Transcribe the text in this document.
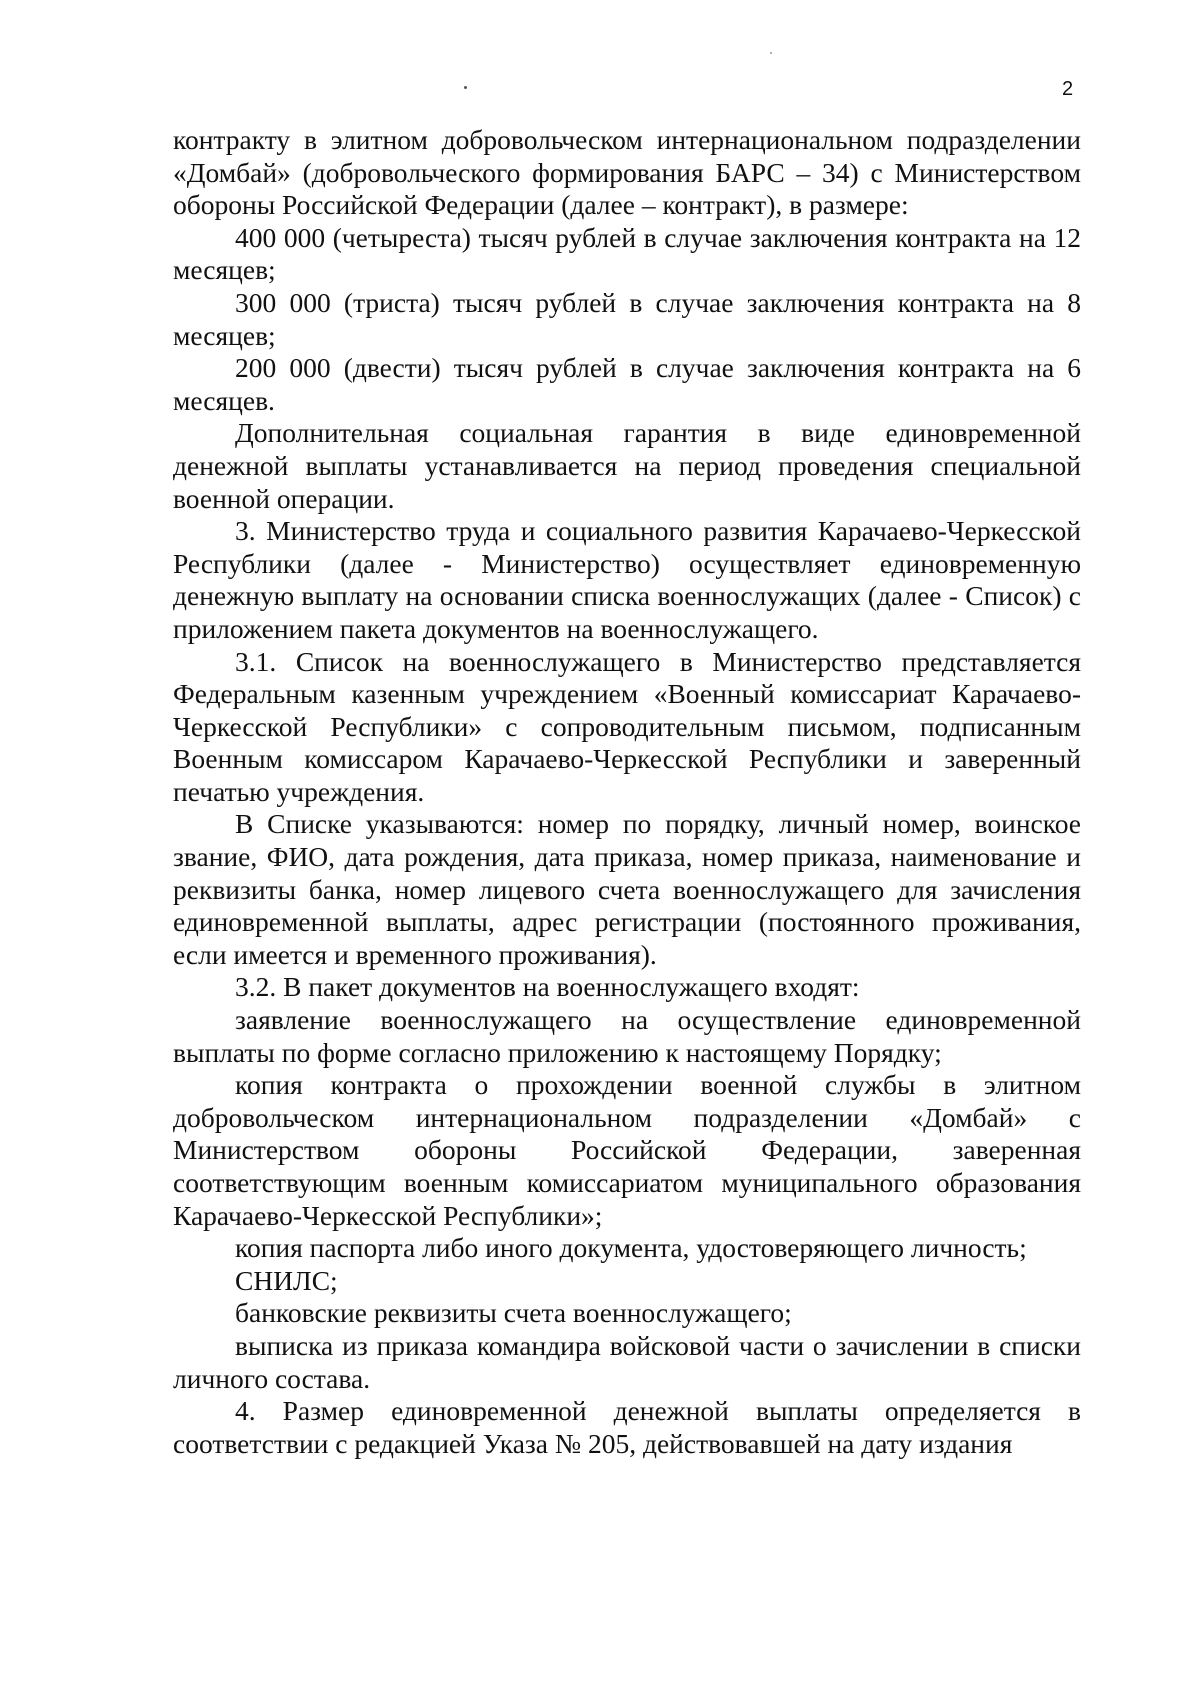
2

контракту в элитном добровольческом интернациональном подразделении «Домбай» (добровольческого формирования БАРС – 34) с Министерством обороны Российской Федерации (далее – контракт), в размере:

400 000 (четыреста) тысяч рублей в случае заключения контракта на 12 месяцев;

300 000 (триста) тысяч рублей в случае заключения контракта на 8 месяцев;

200 000 (двести) тысяч рублей в случае заключения контракта на 6 месяцев.

Дополнительная социальная гарантия в виде единовременной денежной выплаты устанавливается на период проведения специальной военной операции.

3. Министерство труда и социального развития Карачаево-Черкесской Республики (далее - Министерство) осуществляет единовременную денежную выплату на основании списка военнослужащих (далее - Список) с приложением пакета документов на военнослужащего.

3.1. Список на военнослужащего в Министерство представляется Федеральным казенным учреждением «Военный комиссариат Карачаево-Черкесской Республики» с сопроводительным письмом, подписанным Военным комиссаром Карачаево-Черкесской Республики и заверенный печатью учреждения.

В Списке указываются: номер по порядку, личный номер, воинское звание, ФИО, дата рождения, дата приказа, номер приказа, наименование и реквизиты банка, номер лицевого счета военнослужащего для зачисления единовременной выплаты, адрес регистрации (постоянного проживания, если имеется и временного проживания).

3.2. В пакет документов на военнослужащего входят:

заявление военнослужащего на осуществление единовременной выплаты по форме согласно приложению к настоящему Порядку;

копия контракта о прохождении военной службы в элитном добровольческом интернациональном подразделении «Домбай» с Министерством обороны Российской Федерации, заверенная соответствующим военным комиссариатом муниципального образования Карачаево-Черкесской Республики»;

копия паспорта либо иного документа, удостоверяющего личность;

СНИЛС;

банковские реквизиты счета военнослужащего;

выписка из приказа командира войсковой части о зачислении в списки личного состава.

4. Размер единовременной денежной выплаты определяется в соответствии с редакцией Указа № 205, действовавшей на дату издания
